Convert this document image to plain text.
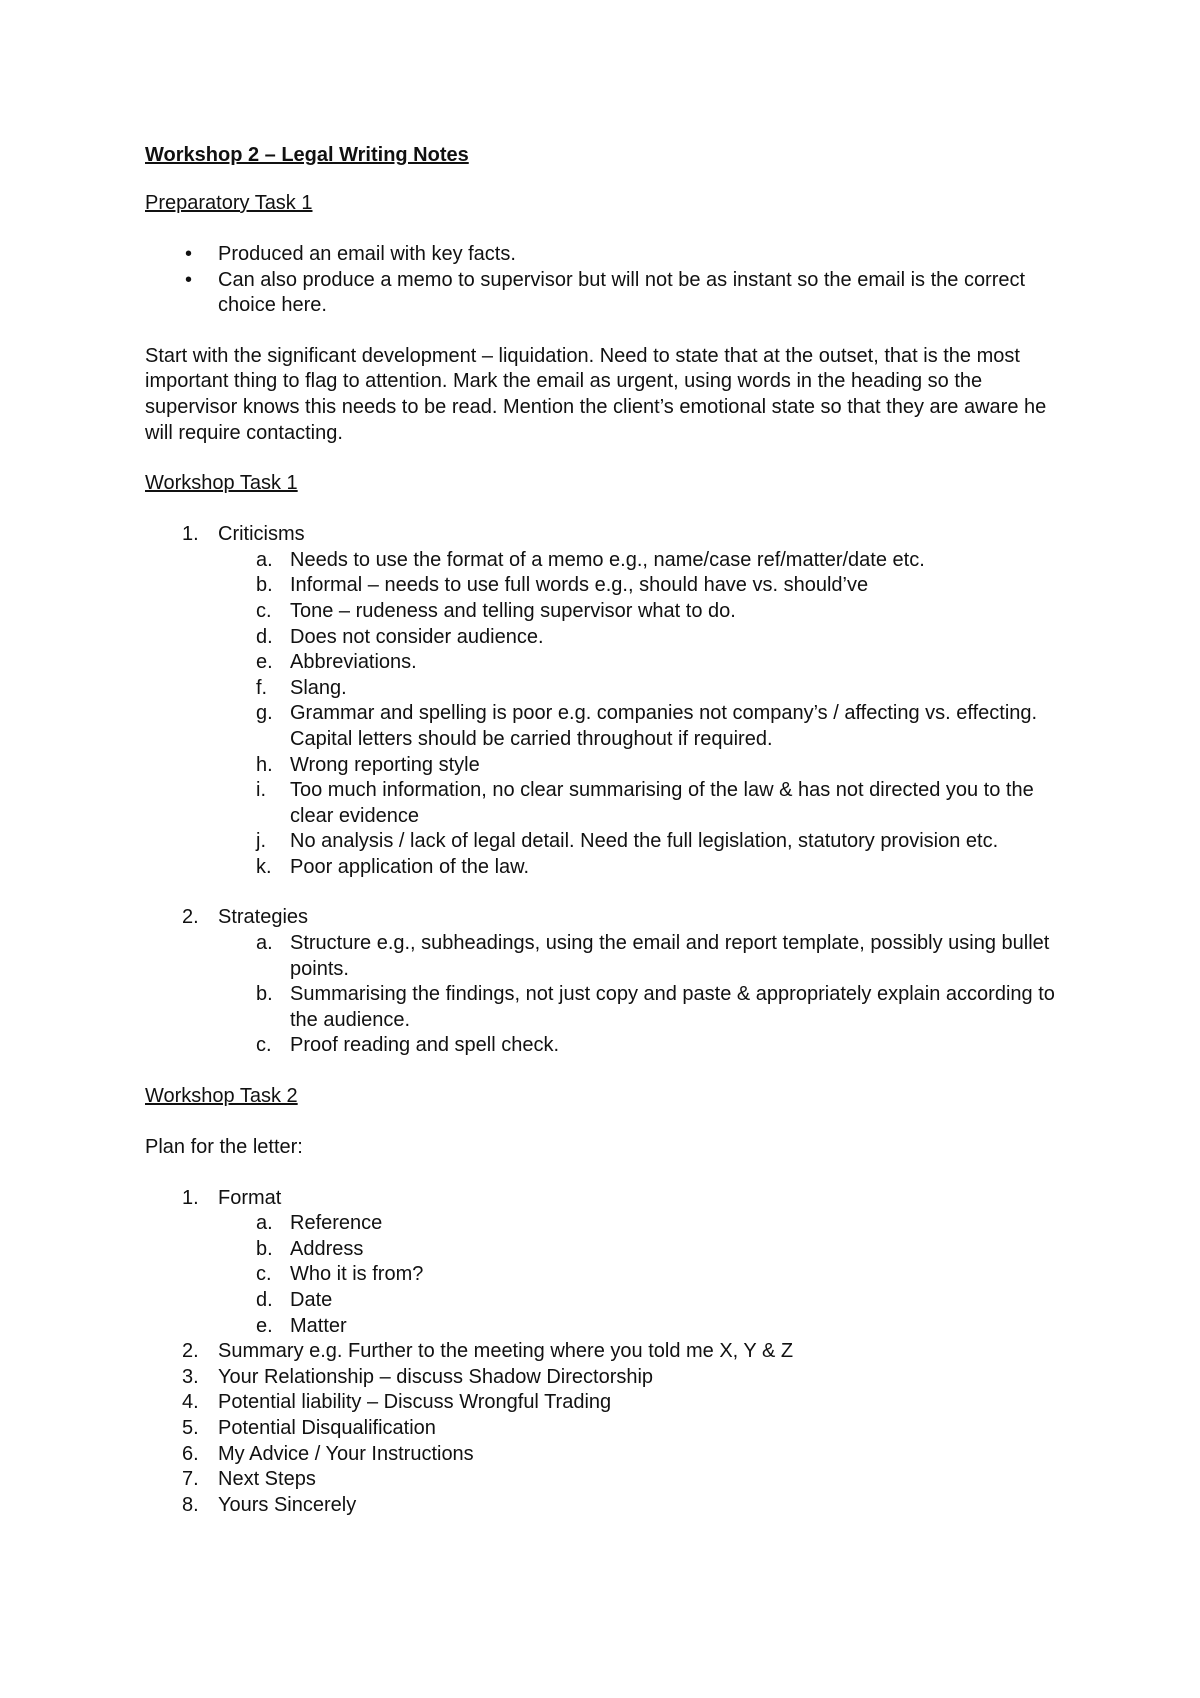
Workshop 2 – Legal Writing Notes
Preparatory Task 1
• Produced an email with key facts.
• Can also produce a memo to supervisor but will not be as instant so the email is the correct choice here.
Start with the significant development – liquidation. Need to state that at the outset, that is the most important thing to flag to attention. Mark the email as urgent, using words in the heading so the supervisor knows this needs to be read. Mention the client’s emotional state so that they are aware he will require contacting.
Workshop Task 1
1. Criticisms
a. Needs to use the format of a memo e.g., name/case ref/matter/date etc.
b. Informal – needs to use full words e.g., should have vs. should’ve
c. Tone – rudeness and telling supervisor what to do.
d. Does not consider audience.
e. Abbreviations.
f.	Slang.
g. Grammar and spelling is poor e.g. companies not company’s / affecting vs. effecting. Capital letters should be carried throughout if required.
h. Wrong reporting style
i.	Too much information, no clear summarising of the law & has not directed you to the clear evidence
j.	No analysis / lack of legal detail. Need the full legislation, statutory provision etc.
k. Poor application of the law.
2. Strategies
a. Structure e.g., subheadings, using the email and report template, possibly using bullet points.
b. Summarising the findings, not just copy and paste & appropriately explain according to the audience.
c. Proof reading and spell check.
Workshop Task 2
Plan for the letter:
1. Format
a. Reference
b. Address
c. Who it is from?
d. Date
e. Matter
2. Summary e.g. Further to the meeting where you told me X, Y & Z
3. Your Relationship – discuss Shadow Directorship
4. Potential liability – Discuss Wrongful Trading
5. Potential Disqualification
6. My Advice / Your Instructions
7. Next Steps
8. Yours Sincerely
